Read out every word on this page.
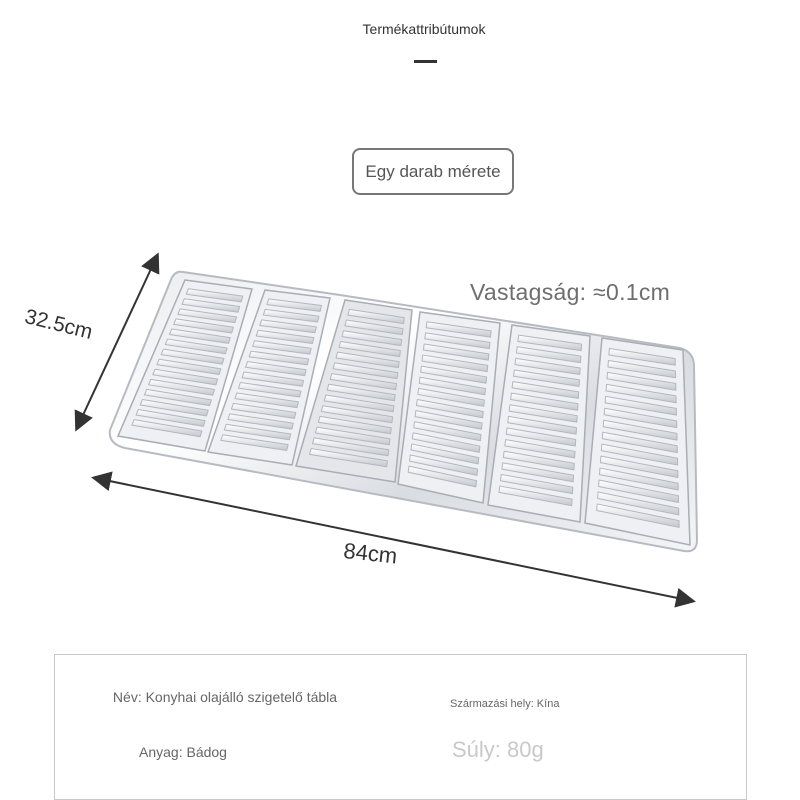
Termékattribútumok
Egy darab mérete
Vastagság: ≈0.1cm
32.5cm
84cm
Név: Konyhai olajálló szigetelő tábla	Származási hely: Kína
Anyag: Bádog	Súly: 80g
